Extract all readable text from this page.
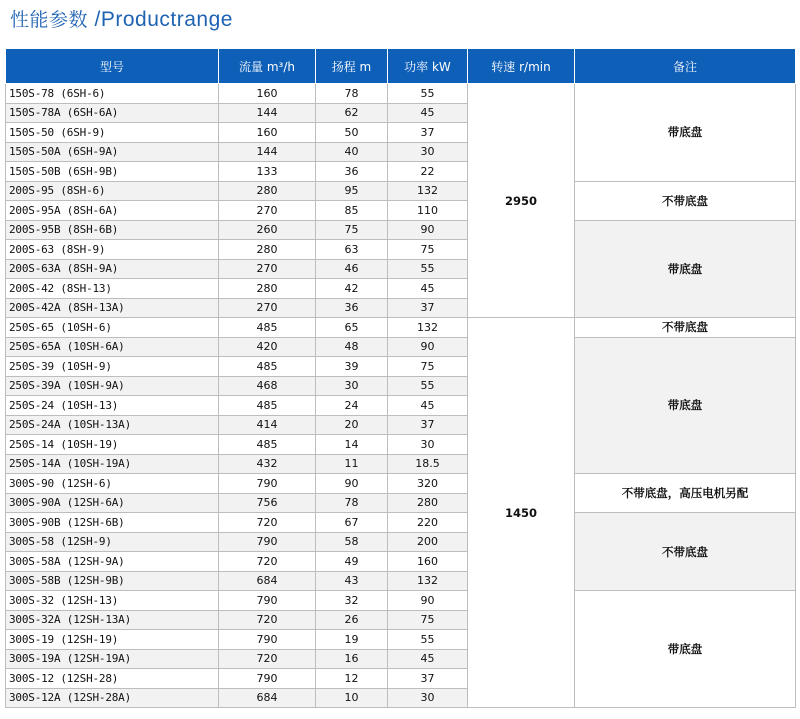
性能参数 /Productrange
型号	流量 m³/h	扬程 m	功率 kW	转速 r/min	备注
150S-78 (6SH-6)	160	78	55	2950	带底盘
150S-78A (6SH-6A)	144	62	45		
150S-50 (6SH-9)	160	50	37		
150S-50A (6SH-9A)	144	40	30		
150S-50B (6SH-9B)	133	36	22		
200S-95 (8SH-6)	280	95	132		不带底盘
200S-95A (8SH-6A)	270	85	110		
200S-95B (8SH-6B)	260	75	90		带底盘
200S-63 (8SH-9)	280	63	75		
200S-63A (8SH-9A)	270	46	55		
200S-42 (8SH-13)	280	42	45		
200S-42A (8SH-13A)	270	36	37		
250S-65 (10SH-6)	485	65	132	1450	不带底盘
250S-65A (10SH-6A)	420	48	90		带底盘
250S-39 (10SH-9)	485	39	75		
250S-39A (10SH-9A)	468	30	55		
250S-24 (10SH-13)	485	24	45		
250S-24A (10SH-13A)	414	20	37		
250S-14 (10SH-19)	485	14	30		
250S-14A (10SH-19A)	432	11	18.5		
300S-90 (12SH-6)	790	90	320		不带底盘，高压电机另配
300S-90A (12SH-6A)	756	78	280		
300S-90B (12SH-6B)	720	67	220		不带底盘
300S-58 (12SH-9)	790	58	200		
300S-58A (12SH-9A)	720	49	160		
300S-58B (12SH-9B)	684	43	132		
300S-32 (12SH-13)	790	32	90		带底盘
300S-32A (12SH-13A)	720	26	75		
300S-19 (12SH-19)	790	19	55		
300S-19A (12SH-19A)	720	16	45		
300S-12 (12SH-28)	790	12	37		
300S-12A (12SH-28A)	684	10	30		
